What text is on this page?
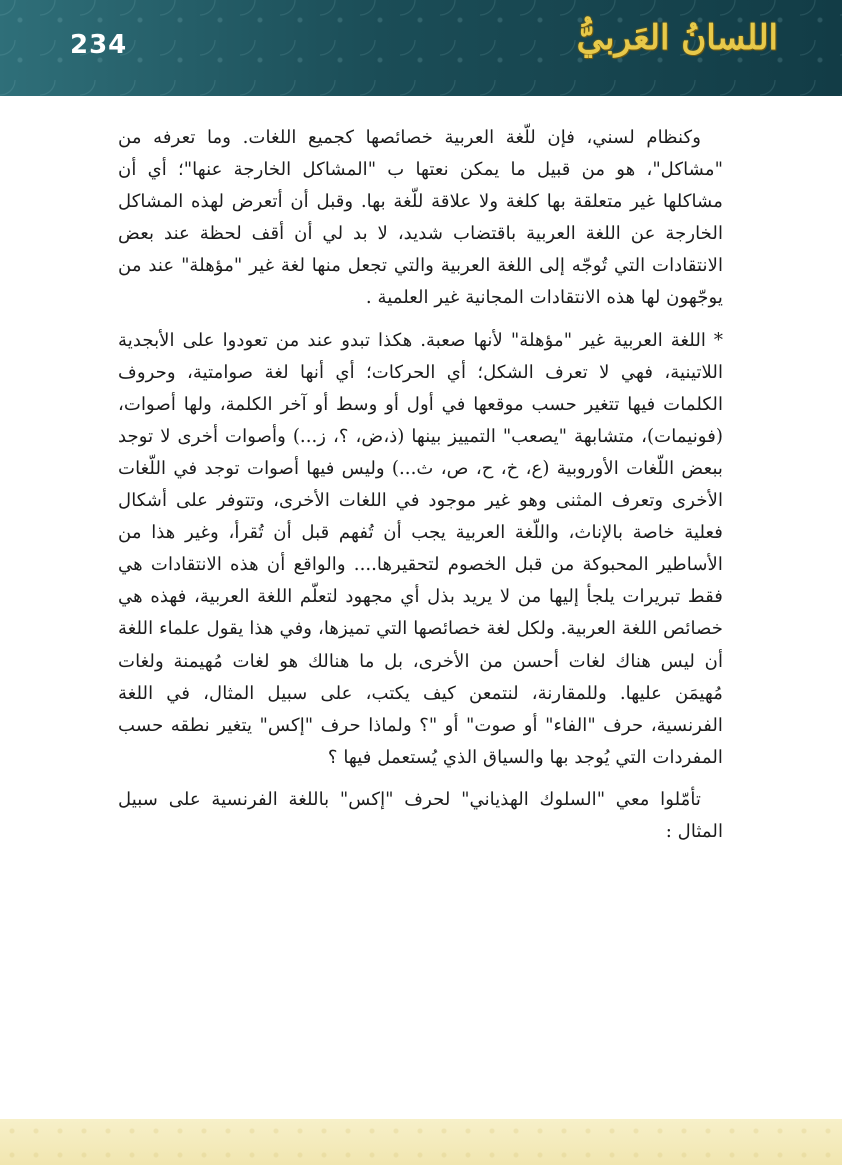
234	اللسانُ العَربيُّ

وكنظام لسني، فإن للّغة العربية خصائصها كجميع اللغات. وما تعرفه من "مشاكل"، هو من قبيل ما يمكن نعتها ب "المشاكل الخارجة عنها"؛ أي أن مشاكلها غير متعلقة بها كلغة ولا علاقة للّغة بها. وقبل أن أتعرض لهذه المشاكل الخارجة عن اللغة العربية باقتضاب شديد، لا بد لي أن أقف لحظة عند بعض الانتقادات التي تُوجّه إلى اللغة العربية والتي تجعل منها لغة غير "مؤهلة" عند من يوجّهون لها هذه الانتقادات المجانية غير العلمية .

* اللغة العربية غير "مؤهلة" لأنها صعبة. هكذا تبدو عند من تعودوا على الأبجدية اللاتينية، فهي لا تعرف الشكل؛ أي الحركات؛ أي أنها لغة صوامتية، وحروف الكلمات فيها تتغير حسب موقعها في أول أو وسط أو آخر الكلمة، ولها أصوات، (فونيمات)، متشابهة "يصعب" التمييز بينها (ذ،ض، ؟، ز...) وأصوات أخرى لا توجد ببعض اللّغات الأوروبية (ع، خ، ح، ص، ث...) وليس فيها أصوات توجد في اللّغات الأخرى وتعرف المثنى وهو غير موجود في اللغات الأخرى، وتتوفر على أشكال فعلية خاصة بالإناث، واللّغة العربية يجب أن تُفهم قبل أن تُقرأ، وغير هذا من الأساطير المحبوكة من قبل الخصوم لتحقيرها.... والواقع أن هذه الانتقادات هي فقط تبريرات يلجأ إليها من لا يريد بذل أي مجهود لتعلّم اللغة العربية، فهذه هي خصائص اللغة العربية. ولكل لغة خصائصها التي تميزها، وفي هذا يقول علماء اللغة أن ليس هناك لغات أحسن من الأخرى، بل ما هنالك هو لغات مُهيمنة ولغات مُهيمَن عليها. وللمقارنة، لنتمعن كيف يكتب، على سبيل المثال، في اللغة الفرنسية، حرف "الفاء" أو صوت" أو "؟ ولماذا حرف "إكس" يتغير نطقه حسب المفردات التي يُوجد بها والسياق الذي يُستعمل فيها ؟

تأمّلوا معي "السلوك الهذياني" لحرف "إكس" باللغة الفرنسية على سبيل المثال :
